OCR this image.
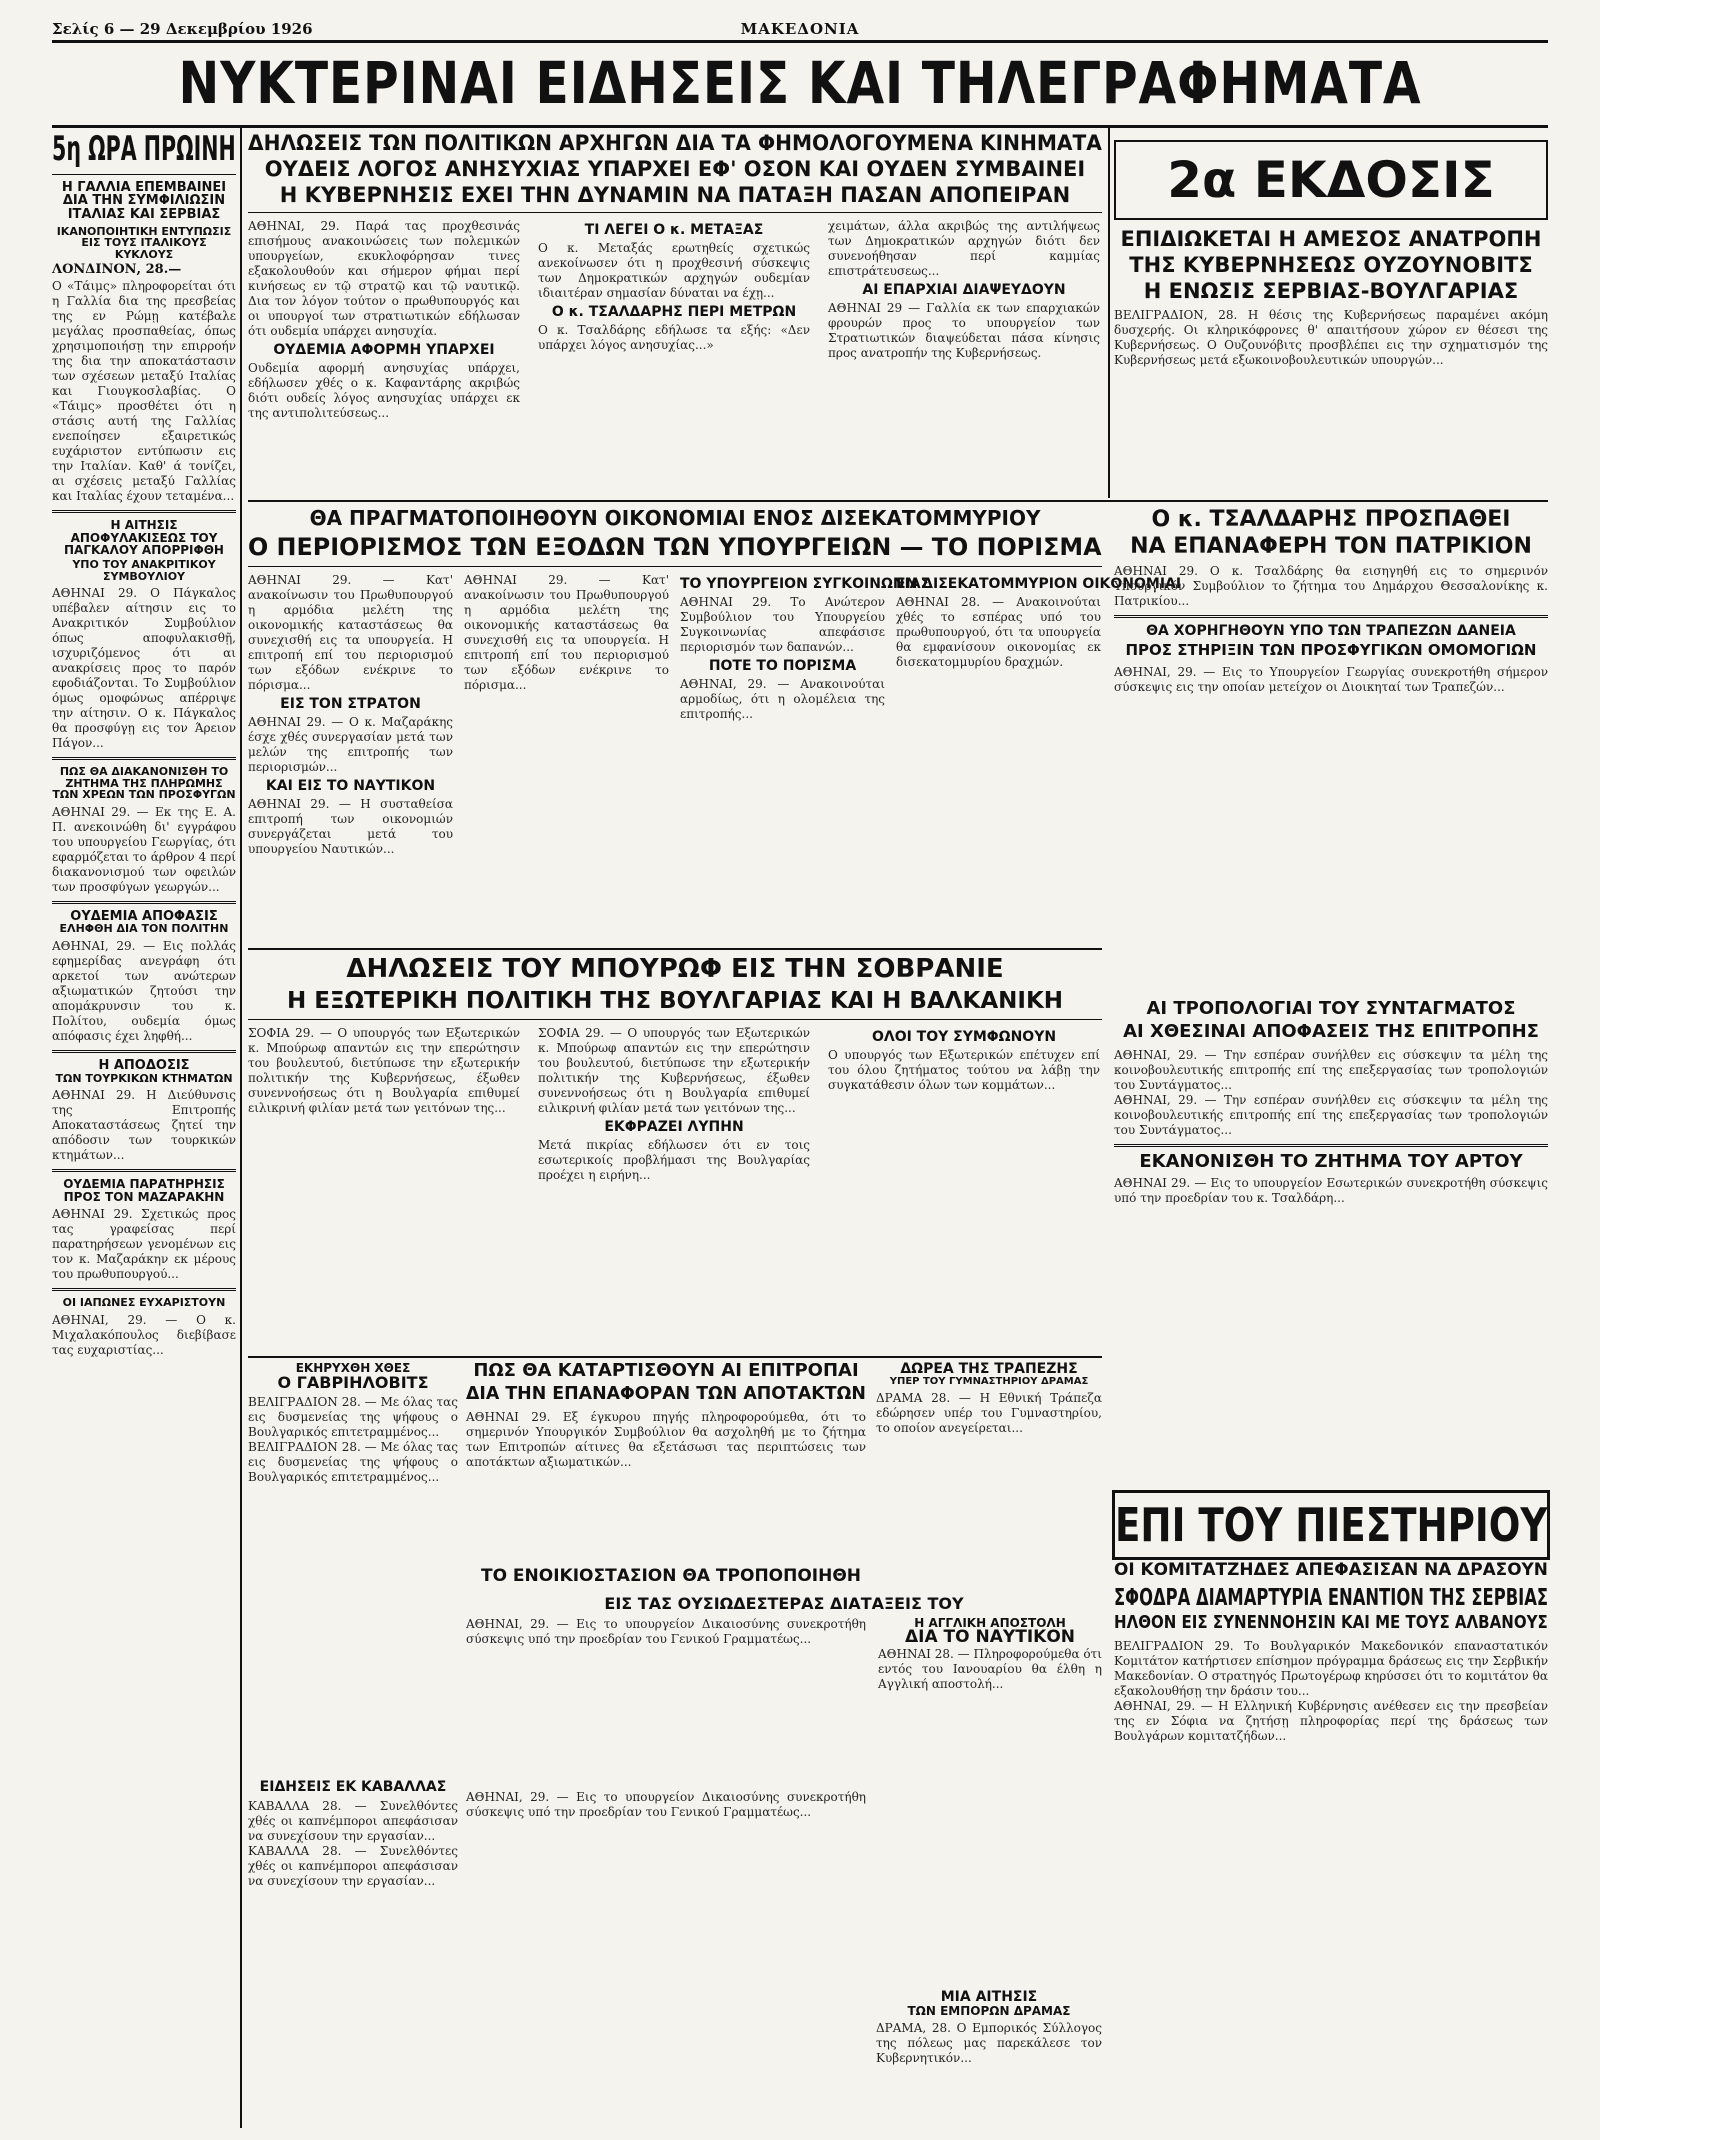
Σελίς 6 — 29 Δεκεμβρίου 1926	ΜΑΚΕΔΟΝΙΑ
ΝΥΚΤΕΡΙΝΑΙ ΕΙΔΗΣΕΙΣ ΚΑΙ ΤΗΛΕΓΡΑΦΗΜΑΤΑ
5η ΩΡΑ ΠΡΩΙΝΗ
Η ΓΑΛΛΙΑ ΕΠΕΜΒΑΙΝΕΙ ΔΙΑ ΤΗΝ ΣΥΜΦΙΛΙΩΣΙΝ ΙΤΑΛΙΑΣ ΚΑΙ ΣΕΡΒΙΑΣ
ΙΚΑΝΟΠΟΙΗΤΙΚΗ ΕΝΤΥΠΩΣΙΣ ΕΙΣ ΤΟΥΣ ΙΤΑΛΙΚΟΥΣ ΚΥΚΛΟΥΣ
ΛΟΝΔΙΝΟΝ, 28.—

Ο «Τάιμς» πληροφορείται ότι η Γαλλία δια της πρεσβείας της εν Ρώμῃ κατέβαλε μεγάλας προσπαθείας, όπως χρησιμοποιήσῃ την επιρροήν της δια την αποκατάστασιν των σχέσεων μεταξύ Ιταλίας και Γιουγκοσλαβίας. Ο «Τάιμς» προσθέτει ότι η στάσις αυτή της Γαλλίας ενεποίησεν εξαιρετικώς ευχάριστον εντύπωσιν εις την Ιταλίαν. Καθ' ά τονίζει, αι σχέσεις μεταξύ Γαλλίας και Ιταλίας έχουν τεταμένα...

Η ΑΙΤΗΣΙΣ ΑΠΟΦΥΛΑΚΙΣΕΩΣ ΤΟΥ ΠΑΓΚΑΛΟΥ ΑΠΟΡΡΙΦΘΗ
ΥΠΟ ΤΟΥ ΑΝΑΚΡΙΤΙΚΟΥ ΣΥΜΒΟΥΛΙΟΥ

ΑΘΗΝΑΙ 29. Ο Πάγκαλος υπέβαλεν αίτησιν εις το Ανακριτικόν Συμβούλιον όπως αποφυλακισθῇ, ισχυριζόμενος ότι αι ανακρίσεις προς το παρόν εφοδιάζονται. Το Συμβούλιον όμως ομοφώνως απέρριψε την αίτησιν. Ο κ. Πάγκαλος θα προσφύγῃ εις τον Άρειον Πάγον...

ΠΩΣ ΘΑ ΔΙΑΚΑΝΟΝΙΣΘΗ ΤΟ ΖΗΤΗΜΑ ΤΗΣ ΠΛΗΡΩΜΗΣ ΤΩΝ ΧΡΕΩΝ ΤΩΝ ΠΡΟΣΦΥΓΩΝ

ΑΘΗΝΑΙ 29. — Εκ της Ε. Α. Π. ανεκοινώθη δι' εγγράφου του υπουργείου Γεωργίας, ότι εφαρμόζεται το άρθρον 4 περί διακανονισμού των οφειλών των προσφύγων γεωργών...

ΟΥΔΕΜΙΑ ΑΠΟΦΑΣΙΣ
ΕΛΗΦΘΗ ΔΙΑ ΤΟΝ ΠΟΛΙΤΗΝ

ΑΘΗΝΑΙ, 29. — Εις πολλάς εφημερίδας ανεγράφη ότι αρκετοί των ανώτερων αξιωματικών ζητούσι την απομάκρυνσιν του κ. Πολίτου, ουδεμία όμως απόφασις έχει ληφθή...

Η ΑΠΟΔΟΣΙΣ
ΤΩΝ ΤΟΥΡΚΙΚΩΝ ΚΤΗΜΑΤΩΝ

ΑΘΗΝΑΙ 29. Η Διεύθυνσις της Επιτροπής Αποκαταστάσεως ζητεί την απόδοσιν των τουρκικών κτημάτων...

ΟΥΔΕΜΙΑ ΠΑΡΑΤΗΡΗΣΙΣ
ΠΡΟΣ ΤΟΝ ΜΑΖΑΡΑΚΗΝ

ΑΘΗΝΑΙ 29. Σχετικώς προς τας γραφείσας περί παρατηρήσεων γενομένων εις τον κ. Μαζαράκην εκ μέρους του πρωθυπουργού...

ΟΙ ΙΑΠΩΝΕΣ ΕΥΧΑΡΙΣΤΟΥΝ

ΑΘΗΝΑΙ, 29. — Ο κ. Μιχαλακόπουλος διεβίβασε τας ευχαριστίας...

ΔΗΛΩΣΕΙΣ ΤΩΝ ΠΟΛΙΤΙΚΩΝ ΑΡΧΗΓΩΝ ΔΙΑ ΤΑ ΦΗΜΟΛΟΓΟΥΜΕΝΑ ΚΙΝΗΜΑΤΑ
ΟΥΔΕΙΣ ΛΟΓΟΣ ΑΝΗΣΥΧΙΑΣ ΥΠΑΡΧΕΙ ΕΦ' ΟΣΟΝ ΚΑΙ ΟΥΔΕΝ ΣΥΜΒΑΙΝΕΙ
Η ΚΥΒΕΡΝΗΣΙΣ ΕΧΕΙ ΤΗΝ ΔΥΝΑΜΙΝ ΝΑ ΠΑΤΑΞΗ ΠΑΣΑΝ ΑΠΟΠΕΙΡΑΝ

ΑΘΗΝΑΙ, 29. Παρά τας πρoχθεσινάς επισήμους ανακοινώσεις των πολεμικών υπουργείων, εκυκλοφόρησαν τινες εξακολουθούν και σήμερον φήμαι περί κινήσεως εν τῷ στρατῷ και τῷ ναυτικῷ. Δια τον λόγον τούτον ο πρωθυπουργός και οι υπουργοί των στρατιωτικών εδήλωσαν ότι ουδεμία υπάρχει ανησυχία.

ΟΥΔΕΜΙΑ ΑΦΟΡΜΗ ΥΠΑΡΧΕΙ

Ουδεμία αφορμή ανησυχίας υπάρχει, εδήλωσεν χθές ο κ. Καφαντάρης ακριβώς διότι ουδείς λόγος ανησυχίας υπάρχει εκ της αντιπολιτεύσεως...

ΤΙ ΛΕΓΕΙ Ο κ. ΜΕΤΑΞΑΣ

Ο κ. Μεταξάς ερωτηθείς σχετικώς ανεκοίνωσεν ότι η προχθεσινή σύσκεψις των Δημοκρατικών αρχηγών ουδεμίαν ιδιαιτέραν σημασίαν δύναται να έχῃ...

Ο κ. ΤΣΑΛΔΑΡΗΣ ΠΕΡΙ ΜΕΤΡΩΝ

Ο κ. Τσαλδάρης εδήλωσε τα εξής: «Δεν υπάρχει λόγος ανησυχίας...»

χειμάτων, άλλα ακριβώς της αντιλήψεως των Δημοκρατικών αρχηγών διότι δεν συνενοήθησαν περί καμμίας επιστράτευσεως...

ΑΙ ΕΠΑΡΧΙΑΙ ΔΙΑΨΕΥΔΟΥΝ

ΑΘΗΝΑΙ 29 — Γαλλία εκ των επαρχιακών φρουρών προς το υπουργείον των Στρατιωτικών διαψεύδεται πάσα κίνησις προς ανατροπήν της Κυβερνήσεως.

2α ΕΚΔΟΣΙΣ
ΕΠΙΔΙΩΚΕΤΑΙ Η ΑΜΕΣΟΣ ΑΝΑΤΡΟΠΗ
ΤΗΣ ΚΥΒΕΡΝΗΣΕΩΣ ΟΥΖΟΥΝΟΒΙΤΣ
Η ΕΝΩΣΙΣ ΣΕΡΒΙΑΣ-ΒΟΥΛΓΑΡΙΑΣ

ΒΕΛΙΓΡΑΔΙΟΝ, 28. Η θέσις της Κυβερνήσεως παραμένει ακόμη δυσχερής. Οι κληρικόφρονες θ' απαιτήσουν χώρον εν θέσεσι της Κυβερνήσεως. Ο Ουζουνόβιτς προσβλέπει εις την σχηματισμόν της Κυβερνήσεως μετά εξωκοινοβουλευτικών υπουργών...

ΘΑ ΠΡΑΓΜΑΤΟΠΟΙΗΘΟΥΝ ΟΙΚΟΝΟΜΙΑΙ ΕΝΟΣ ΔΙΣΕΚΑΤΟΜΜΥΡΙΟΥ
Ο ΠΕΡΙΟΡΙΣΜΟΣ ΤΩΝ ΕΞΟΔΩΝ ΤΩΝ ΥΠΟΥΡΓΕΙΩΝ — ΤΟ ΠΟΡΙΣΜΑ

ΑΘΗΝΑΙ 29. — Κατ' ανακοίνωσιν του Πρωθυπουργού η αρμόδια μελέτη της οικονομικής καταστάσεως θα συνεχισθή εις τα υπουργεία. Η επιτροπή επί του περιορισμού των εξόδων ενέκρινε το πόρισμα...

ΕΙΣ ΤΟΝ ΣΤΡΑΤΟΝ

ΑΘΗΝΑΙ 29. — Ο κ. Μαζαράκης έσχε χθές συνεργασίαν μετά των μελών της επιτροπής των περιορισμών...

ΚΑΙ ΕΙΣ ΤΟ ΝΑΥΤΙΚΟΝ

ΑΘΗΝΑΙ 29. — Η συσταθείσα επιτροπή των οικονομιών συνεργάζεται μετά του υπουργείου Ναυτικών...

ΑΘΗΝΑΙ 29. — Κατ' ανακοίνωσιν του Πρωθυπουργού η αρμόδια μελέτη της οικονομικής καταστάσεως θα συνεχισθή εις τα υπουργεία. Η επιτροπή επί του περιορισμού των εξόδων ενέκρινε το πόρισμα...

ΤΟ ΥΠΟΥΡΓΕΙΟΝ ΣΥΓΚΟΙΝΩΝΙΑΣ

ΑΘΗΝΑΙ 29. Το Ανώτερον Συμβούλιον του Υπουργείου Συγκοινωνίας απεφάσισε περιορισμόν των δαπανών...

ΠΟΤΕ ΤΟ ΠΟΡΙΣΜΑ

ΑΘΗΝΑΙ, 29. — Ανακοινούται αρμοδίως, ότι η ολομέλεια της επιτροπής...

ΕΝ ΔΙΣΕΚΑΤΟΜΜΥΡΙΟΝ ΟΙΚΟΝΟΜΙΑΙ

ΑΘΗΝΑΙ 28. — Ανακοινούται χθές το εσπέρας υπό του πρωθυπουργού, ότι τα υπουργεία θα εμφανίσουν οικονομίας εκ δισεκατομμυρίου δραχμών.

Ο κ. ΤΣΑΛΔΑΡΗΣ ΠΡΟΣΠΑΘΕΙ
ΝΑ ΕΠΑΝΑΦΕΡΗ ΤΟΝ ΠΑΤΡΙΚΙΟΝ

ΑΘΗΝΑΙ 29. Ο κ. Τσαλδάρης θα εισηγηθή εις το σημερινόν Υπουργικόν Συμβούλιον το ζήτημα του Δημάρχου Θεσσαλονίκης κ. Πατρικίου...

ΘΑ ΧΟΡΗΓΗΘΟΥΝ ΥΠΟ ΤΩΝ ΤΡΑΠΕΖΩΝ ΔΑΝΕΙΑ
ΠΡΟΣ ΣΤΗΡΙΞΙΝ ΤΩΝ ΠΡΟΣΦΥΓΙΚΩΝ ΟΜΟΜΟΓΙΩΝ

ΑΘΗΝΑΙ, 29. — Εις το Υπουργείον Γεωργίας συνεκροτήθη σήμερον σύσκεψις εις την οποίαν μετείχον οι Διοικηταί των Τραπεζών...

ΔΗΛΩΣΕΙΣ ΤΟΥ ΜΠΟΥΡΩΦ ΕΙΣ ΤΗΝ ΣΟΒΡΑΝΙΕ
Η ΕΞΩΤΕΡΙΚΗ ΠΟΛΙΤΙΚΗ ΤΗΣ ΒΟΥΛΓΑΡΙΑΣ ΚΑΙ Η ΒΑΛΚΑΝΙΚΗ

ΣΟΦΙΑ 29. — Ο υπουργός των Εξωτερικών κ. Μπούρωφ απαντών εις την επερώτησιν του βουλευτού, διετύπωσε την εξωτερικήν πολιτικήν της Κυβερνήσεως, έξωθεν συνεννοήσεως ότι η Βουλγαρία επιθυμεί ειλικρινή φιλίαν μετά των γειτόνων της...

ΣΟΦΙΑ 29. — Ο υπουργός των Εξωτερικών κ. Μπούρωφ απαντών εις την επερώτησιν του βουλευτού, διετύπωσε την εξωτερικήν πολιτικήν της Κυβερνήσεως, έξωθεν συνεννοήσεως ότι η Βουλγαρία επιθυμεί ειλικρινή φιλίαν μετά των γειτόνων της...

ΕΚΦΡΑΖΕΙ ΛΥΠΗΝ

Μετά πικρίας εδήλωσεν ότι εν τοις εσωτερικοίς προβλήμασι της Βουλγαρίας προέχει η ειρήνη...

ΟΛΟΙ ΤΟΥ ΣΥΜΦΩΝΟΥΝ

Ο υπουργός των Εξωτερικών επέτυχεν επί του όλου ζητήματος τούτου να λάβῃ την συγκατάθεσιν όλων των κομμάτων...

ΑΙ ΤΡΟΠΟΛΟΓΙΑΙ ΤΟΥ ΣΥΝΤΑΓΜΑΤΟΣ
ΑΙ ΧΘΕΣΙΝΑΙ ΑΠΟΦΑΣΕΙΣ ΤΗΣ ΕΠΙΤΡΟΠΗΣ

ΑΘΗΝΑΙ, 29. — Την εσπέραν συνήλθεν εις σύσκεψιν τα μέλη της κοινοβουλευτικής επιτροπής επί της επεξεργασίας των τροπολογιών του Συντάγματος...

ΑΘΗΝΑΙ, 29. — Την εσπέραν συνήλθεν εις σύσκεψιν τα μέλη της κοινοβουλευτικής επιτροπής επί της επεξεργασίας των τροπολογιών του Συντάγματος...

ΕΚΑΝΟΝΙΣΘΗ ΤΟ ΖΗΤΗΜΑ ΤΟΥ ΑΡΤΟΥ

ΑΘΗΝΑΙ 29. — Εις το υπουργείον Εσωτερικών συνεκροτήθη σύσκεψις υπό την προεδρίαν του κ. Τσαλδάρη...

ΕΚΗΡΥΧΘΗ ΧΘΕΣ
Ο ΓΑΒΡΙΗΛΟΒΙΤΣ

ΒΕΛΙΓΡΑΔΙΟΝ 28. — Με όλας τας εις δυσμενείας της ψήφους ο Βουλγαρικός επιτετραμμένος...

ΒΕΛΙΓΡΑΔΙΟΝ 28. — Με όλας τας εις δυσμενείας της ψήφους ο Βουλγαρικός επιτετραμμένος...

ΠΩΣ ΘΑ ΚΑΤΑΡΤΙΣΘΟΥΝ ΑΙ ΕΠΙΤΡΟΠΑΙ
ΔΙΑ ΤΗΝ ΕΠΑΝΑΦΟΡΑΝ ΤΩΝ ΑΠΟΤΑΚΤΩΝ

ΑΘΗΝΑΙ 29. Εξ έγκυρου πηγής πληροφορούμεθα, ότι το σημερινόν Υπουργικόν Συμβούλιον θα ασχοληθή με το ζήτημα των Επιτροπών αίτινες θα εξετάσωσι τας περιπτώσεις των αποτάκτων αξιωματικών...

ΔΩΡΕΑ ΤΗΣ ΤΡΑΠΕΖΗΣ
ΥΠΕΡ ΤΟΥ ΓΥΜΝΑΣΤΗΡΙΟΥ ΔΡΑΜΑΣ

ΔΡΑΜΑ 28. — Η Εθνική Τράπεζα εδώρησεν υπέρ του Γυμναστηρίου, το οποίον ανεγείρεται...

ΤΟ ΕΝΟΙΚΙΟΣΤΑΣΙΟΝ ΘΑ ΤΡΟΠΟΠΟΙΗΘΗ
ΕΙΣ ΤΑΣ ΟΥΣΙΩΔΕΣΤΕΡΑΣ ΔΙΑΤΑΞΕΙΣ ΤΟΥ

ΑΘΗΝΑΙ, 29. — Εις το υπουργείον Δικαιοσύνης συνεκροτήθη σύσκεψις υπό την προεδρίαν του Γενικού Γραμματέως...

Η ΑΓΓΛΙΚΗ ΑΠΟΣΤΟΛΗ
ΔΙΑ ΤΟ ΝΑΥΤΙΚΟΝ

ΑΘΗΝΑΙ 28. — Πληροφορούμεθα ότι εντός του Ιανουαρίου θα έλθη η Αγγλική αποστολή...

ΕΙΔΗΣΕΙΣ ΕΚ ΚΑΒΑΛΛΑΣ

ΚΑΒΑΛΛΑ 28. — Συνελθόντες χθές οι καπνέμποροι απεφάσισαν να συνεχίσουν την εργασίαν...

ΚΑΒΑΛΛΑ 28. — Συνελθόντες χθές οι καπνέμποροι απεφάσισαν να συνεχίσουν την εργασίαν...

ΑΘΗΝΑΙ, 29. — Εις το υπουργείον Δικαιοσύνης συνεκροτήθη σύσκεψις υπό την προεδρίαν του Γενικού Γραμματέως...

ΜΙΑ ΑΙΤΗΣΙΣ
ΤΩΝ ΕΜΠΟΡΩΝ ΔΡΑΜΑΣ

ΔΡΑΜΑ, 28. Ο Εμπορικός Σύλλογος της πόλεως μας παρεκάλεσε τον Κυβερνητικόν...

ΕΠΙ ΤΟΥ ΠΙΕΣΤΗΡΙΟΥ
ΟΙ ΚΟΜΙΤΑΤΖΗΔΕΣ ΑΠΕΦΑΣΙΣΑΝ ΝΑ ΔΡΑΣΟΥΝ
ΣΦΟΔΡΑ ΔΙΑΜΑΡΤΥΡΙΑ ΕΝΑΝΤΙΟΝ ΤΗΣ ΣΕΡΒΙΑΣ
ΗΛΘΟΝ ΕΙΣ ΣΥΝΕΝΝΟΗΣΙΝ ΚΑΙ ΜΕ ΤΟΥΣ ΑΛΒΑΝΟΥΣ

ΒΕΛΙΓΡΑΔΙΟΝ 29. Το Βουλγαρικόν Μακεδονικόν επαναστατικόν Κομιτάτον κατήρτισεν επίσημον πρόγραμμα δράσεως εις την Σερβικήν Μακεδονίαν. Ο στρατηγός Πρωτογέρωφ κηρύσσει ότι το κομιτάτον θα εξακολουθήσῃ την δράσιν του...

ΑΘΗΝΑΙ, 29. — Η Ελληνική Κυβέρνησις ανέθεσεν εις την πρεσβείαν της εν Σόφια να ζητήσῃ πληροφορίας περί της δράσεως των Βουλγάρων κομιτατζήδων...
